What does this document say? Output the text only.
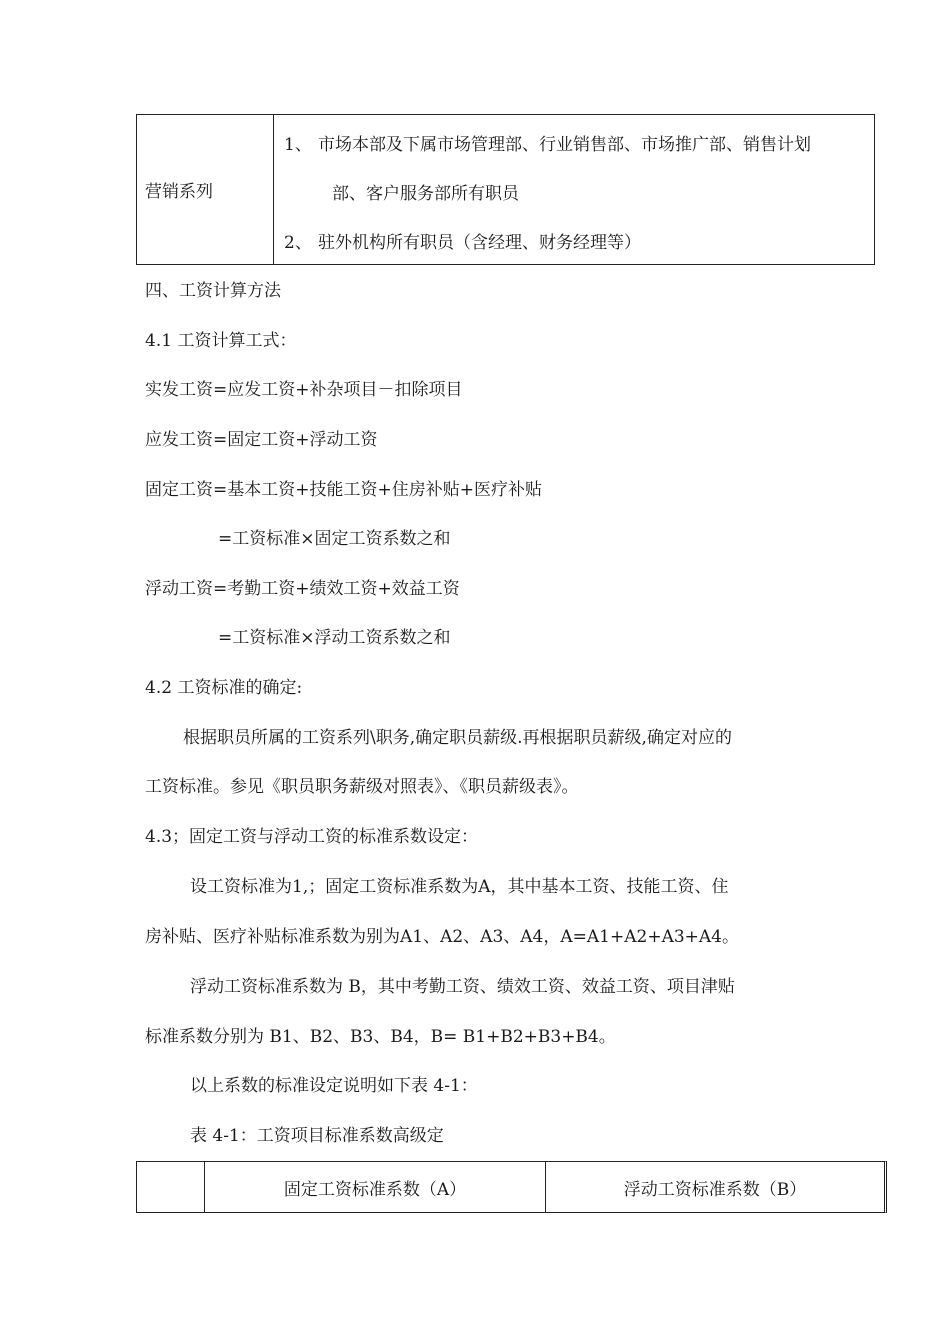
营销系列
1、 市场本部及下属市场管理部、行业销售部、市场推广部、销售计划
部、客户服务部所有职员
2、 驻外机构所有职员（含经理、财务经理等）
四、工资计算方法
4.1 工资计算工式：
实发工资=应发工资+补杂项目－扣除项目
应发工资=固定工资+浮动工资
固定工资=基本工资+技能工资+住房补贴+医疗补贴
=工资标准×固定工资系数之和
浮动工资=考勤工资+绩效工资+效益工资
=工资标准×浮动工资系数之和
4.2 工资标准的确定:
根据职员所属的工资系列\职务,确定职员薪级.再根据职员薪级,确定对应的
工资标准。参见《职员职务薪级对照表》、《职员薪级表》。
4.3；固定工资与浮动工资的标准系数设定：
设工资标准为1,；固定工资标准系数为A，其中基本工资、技能工资、住
房补贴、医疗补贴标准系数为别为A1、A2、A3、A4，A=A1+A2+A3+A4。
浮动工资标准系数为 B，其中考勤工资、绩效工资、效益工资、项目津贴
标准系数分别为 B1、B2、B3、B4，B= B1+B2+B3+B4。
以上系数的标准设定说明如下表 4-1：
表 4-1：工资项目标准系数高级定
固定工资标准系数（A）	浮动工资标准系数（B）
